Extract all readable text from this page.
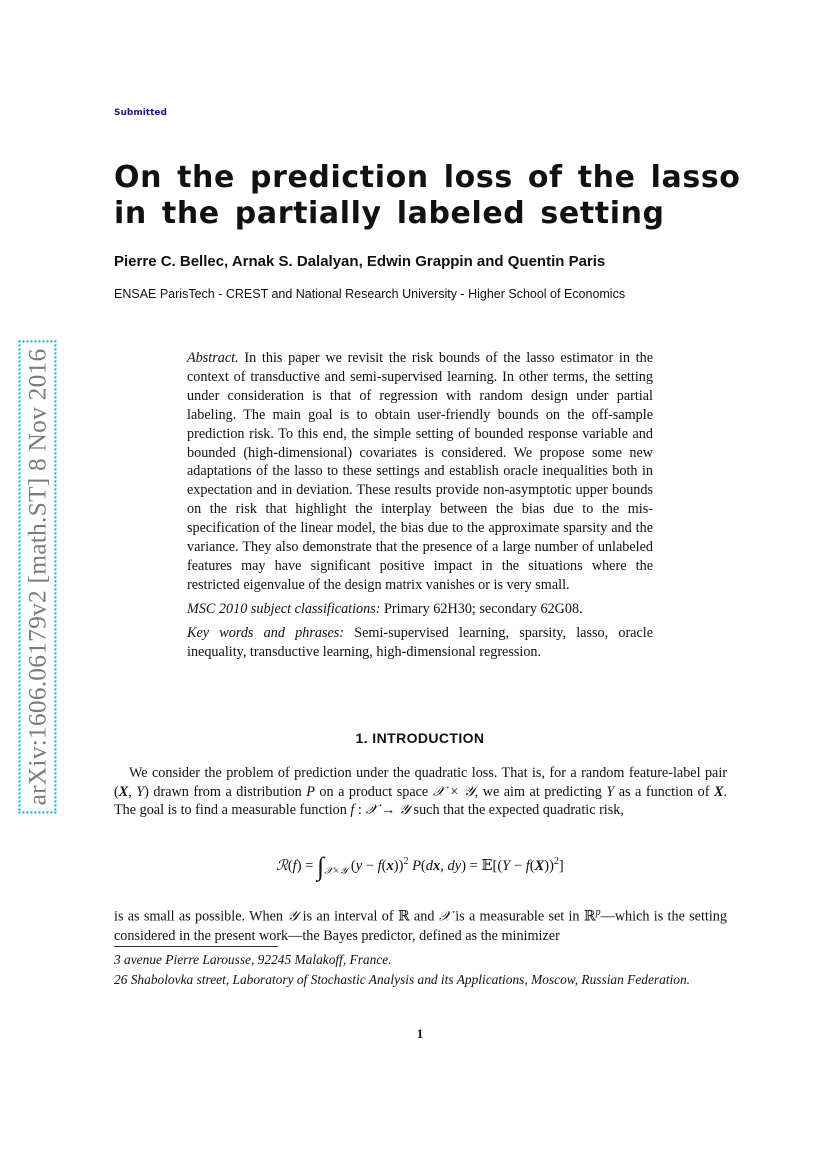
arXiv:1606.06179v2 [math.ST] 8 Nov 2016
Submitted
On the prediction loss of the lasso
in the partially labeled setting
Pierre C. Bellec, Arnak S. Dalalyan, Edwin Grappin and Quentin Paris
ENSAE ParisTech - CREST and National Research University - Higher School of Economics

Abstract. In this paper we revisit the risk bounds of the lasso estimator in the context of transductive and semi-supervised learning. In other terms, the setting under consideration is that of regression with random design under partial labeling. The main goal is to obtain user-friendly bounds on the off-sample prediction risk. To this end, the simple setting of bounded response variable and bounded (high-dimensional) covariates is considered. We propose some new adaptations of the lasso to these settings and establish oracle inequalities both in expectation and in deviation. These results provide non-asymptotic upper bounds on the risk that highlight the interplay between the bias due to the mis-specification of the linear model, the bias due to the approximate sparsity and the variance. They also demonstrate that the presence of a large number of unlabeled features may have significant positive impact in the situations where the restricted eigenvalue of the design matrix vanishes or is very small.

MSC 2010 subject classifications: Primary 62H30; secondary 62G08.

Key words and phrases: Semi-supervised learning, sparsity, lasso, oracle inequality, transductive learning, high-dimensional regression.

1. INTRODUCTION

We consider the problem of prediction under the quadratic loss. That is, for a random feature-label pair (X, Y) drawn from a distribution P on a product space 𝒳 × 𝒴, we aim at predicting Y as a function of X. The goal is to find a measurable function f : 𝒳 → 𝒴 such that the expected quadratic risk,

ℛ(f) = $\int_{𝒳\times 𝒴}$ $(y - f(x))^2$ P(dx, dy) = 𝔼[(Y − f(X))$^2$]

is as small as possible. When 𝒴 is an interval of ℝ and 𝒳 is a measurable set in ℝ$^p$—which is the setting considered in the present work—the Bayes predictor, defined as the minimizer

3 avenue Pierre Larousse, 92245 Malakoff, France.

26 Shabolovka street, Laboratory of Stochastic Analysis and its Applications, Moscow, Russian Federation.

1
